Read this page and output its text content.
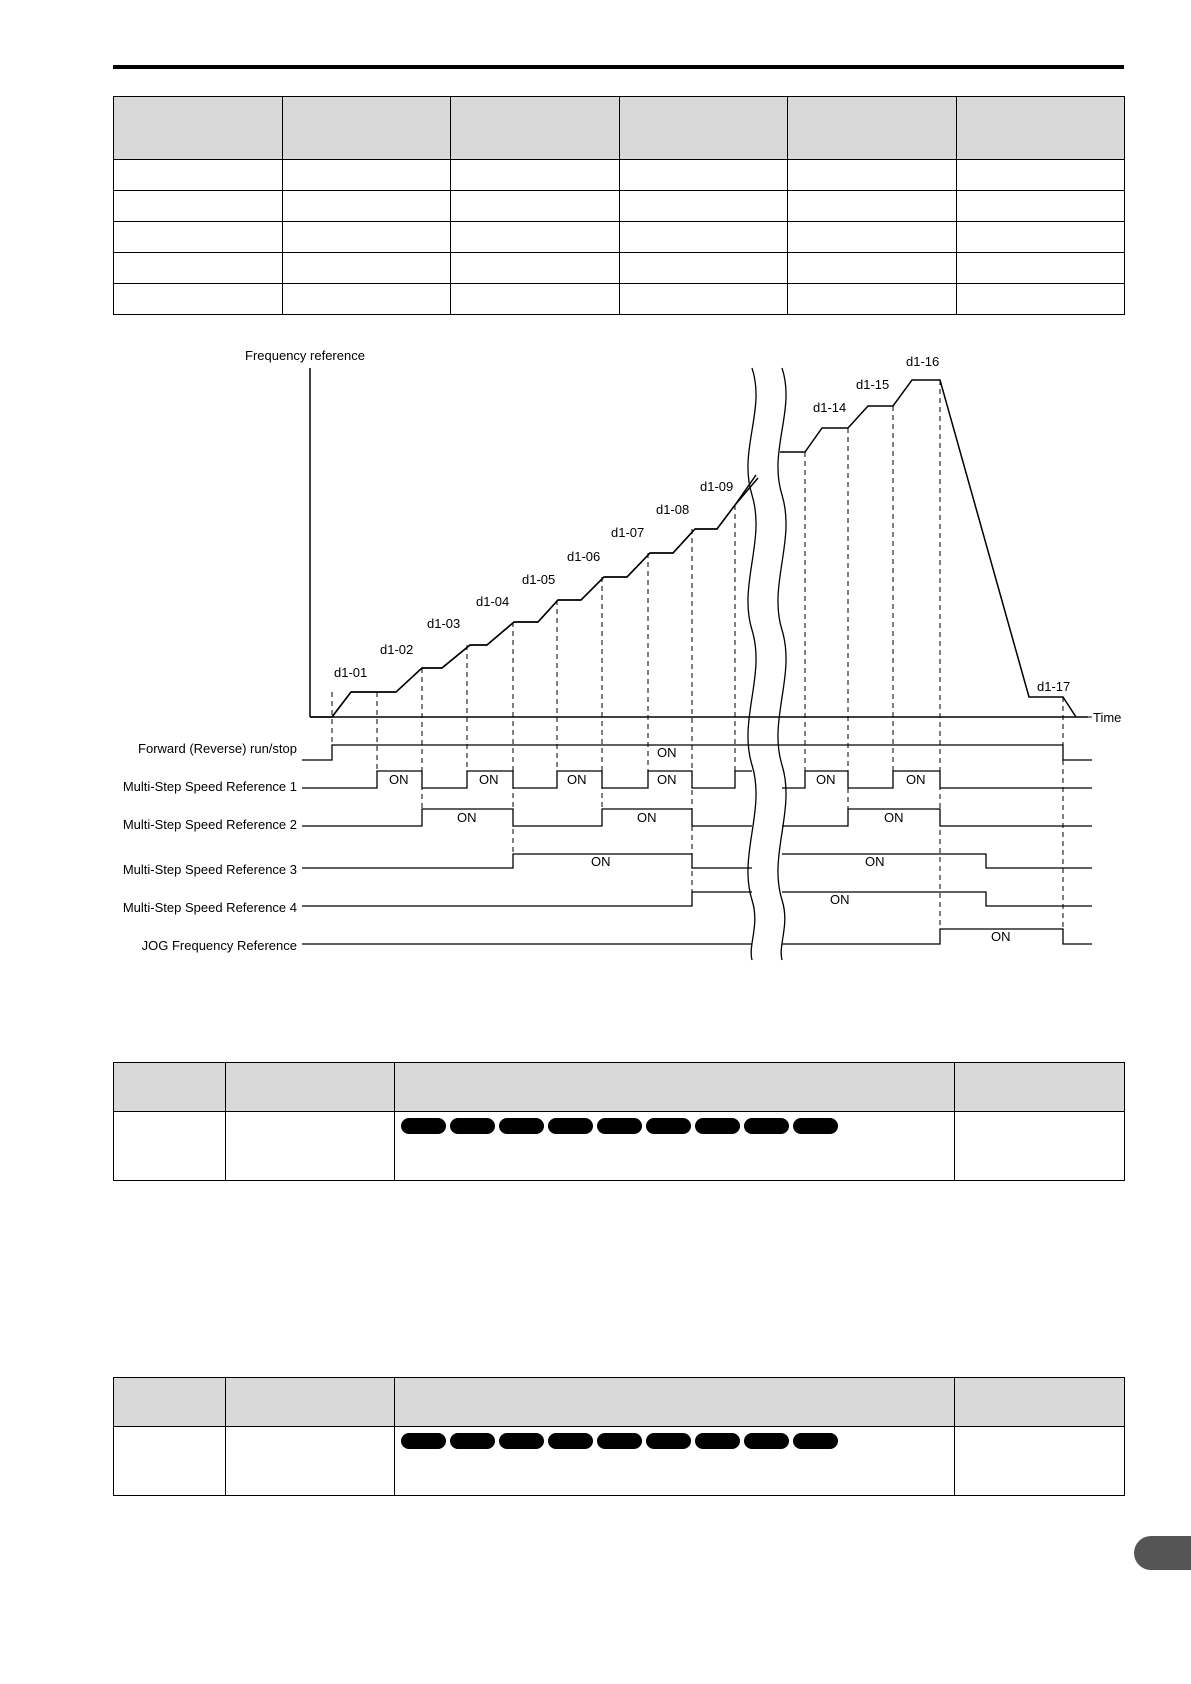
Frequency reference
Time
d1-01
d1-02
d1-03
d1-04
d1-05
d1-06
d1-07
d1-08
d1-09
d1-14
d1-15
d1-16
d1-17
Forward (Reverse) run/stop
Multi-Step Speed Reference 1
Multi-Step Speed Reference 2
Multi-Step Speed Reference 3
Multi-Step Speed Reference 4
JOG Frequency Reference
ON
ON	ON	ON	ON	ON	ON
ON	ON	ON
ON	ON
ON
ON
